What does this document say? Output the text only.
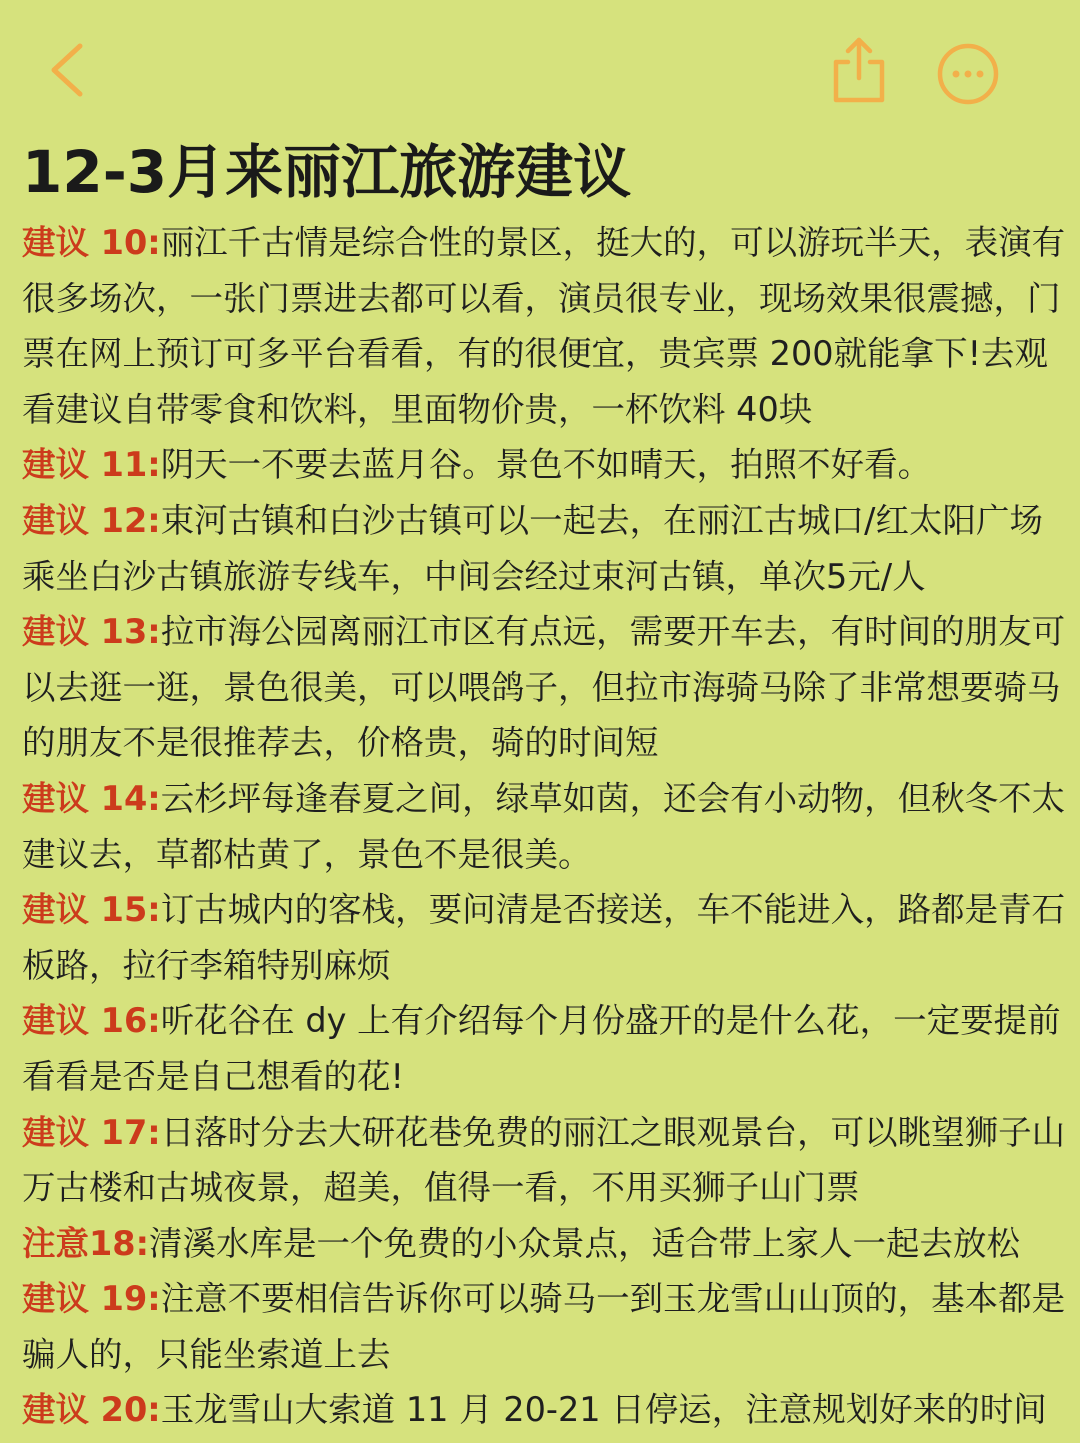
12-3月来丽江旅游建议

建议 10:丽江千古情是综合性的景区，挺大的，可以游玩半天，表演有很多场次，一张门票进去都可以看，演员很专业，现场效果很震撼，门票在网上预订可多平台看看，有的很便宜，贵宾票 200就能拿下!去观看建议自带零食和饮料，里面物价贵，一杯饮料 40块

建议 11:阴天一不要去蓝月谷。景色不如晴天，拍照不好看。

建议 12:束河古镇和白沙古镇可以一起去，在丽江古城口/红太阳广场乘坐白沙古镇旅游专线车，中间会经过束河古镇，单次5元/人

建议 13:拉市海公园离丽江市区有点远，需要开车去，有时间的朋友可以去逛一逛，景色很美，可以喂鸽子，但拉市海骑马除了非常想要骑马的朋友不是很推荐去，价格贵，骑的时间短

建议 14:云杉坪每逢春夏之间，绿草如茵，还会有小动物，但秋冬不太建议去，草都枯黄了，景色不是很美。

建议 15:订古城内的客栈，要问清是否接送，车不能进入，路都是青石板路，拉行李箱特别麻烦

建议 16:听花谷在 dy 上有介绍每个月份盛开的是什么花，一定要提前看看是否是自己想看的花!

建议 17:日落时分去大研花巷免费的丽江之眼观景台，可以眺望狮子山万古楼和古城夜景，超美，值得一看，不用买狮子山门票

注意18:清溪水库是一个免费的小众景点，适合带上家人一起去放松

建议 19:注意不要相信告诉你可以骑马一到玉龙雪山山顶的，基本都是骗人的，只能坐索道上去

建议 20:玉龙雪山大索道 11 月 20-21 日停运，注意规划好来的时间
